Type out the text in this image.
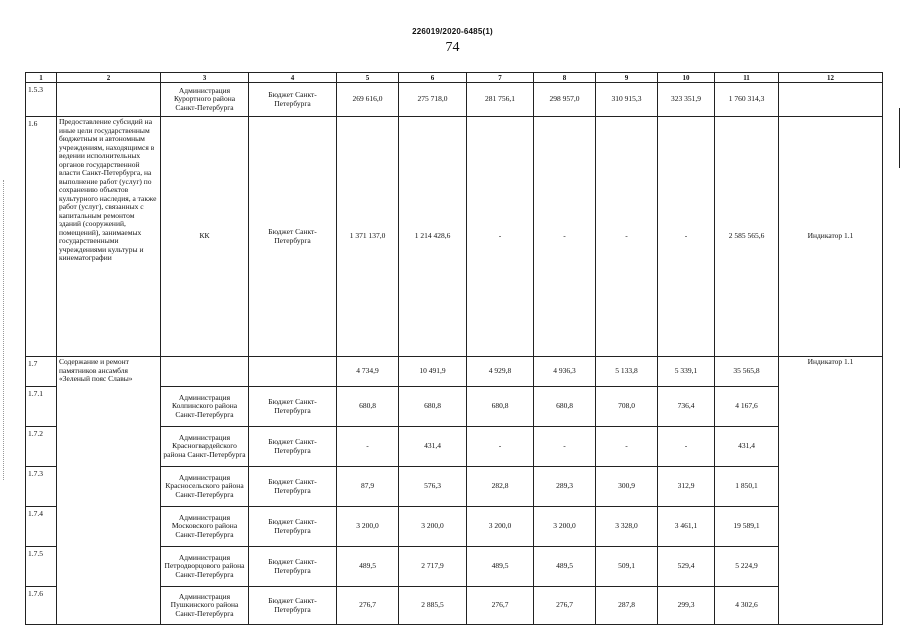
226019/2020-6485(1)
74
1	2	3	4	5	6	7	8	9	10	11	12
1.5.3		Администрация Курортного района Санкт-Петербурга	Бюджет Санкт-Петербурга	269 616,0	275 718,0	281 756,1	298 957,0	310 915,3	323 351,9	1 760 314,3	
1.6	Предоставление субсидий на иные цели государственным бюджетным и автономным учреждениям, находящимся в ведении исполнительных органов государственной власти Санкт-Петербурга, на выполнение работ (услуг) по сохранению объектов культурного наследия, а также работ (услуг), связанных с капитальным ремонтом зданий (сооружений, помещений), занимаемых государственными учреждениями культуры и кинематографии	КК	Бюджет Санкт-Петербурга	1 371 137,0	1 214 428,6	-	-	-	-	2 585 565,6	Индикатор 1.1
1.7	Содержание и ремонт памятников ансамбля «Зеленый пояс Славы»			4 734,9	10 491,9	4 929,8	4 936,3	5 133,8	5 339,1	35 565,8	Индикатор 1.1
1.7.1		Администрация Колпинского района Санкт-Петербурга	Бюджет Санкт-Петербурга	680,8	680,8	680,8	680,8	708,0	736,4	4 167,6	
1.7.2		Администрация Красногвардейского района Санкт-Петербурга	Бюджет Санкт-Петербурга	-	431,4	-	-	-	-	431,4	
1.7.3		Администрация Красносельского района Санкт-Петербурга	Бюджет Санкт-Петербурга	87,9	576,3	282,8	289,3	300,9	312,9	1 850,1	
1.7.4		Администрация Московского района Санкт-Петербурга	Бюджет Санкт-Петербурга	3 200,0	3 200,0	3 200,0	3 200,0	3 328,0	3 461,1	19 589,1	
1.7.5		Администрация Петродворцового района Санкт-Петербурга	Бюджет Санкт-Петербурга	489,5	2 717,9	489,5	489,5	509,1	529,4	5 224,9	
1.7.6		Администрация Пушкинского района Санкт-Петербурга	Бюджет Санкт-Петербурга	276,7	2 885,5	276,7	276,7	287,8	299,3	4 302,6	
